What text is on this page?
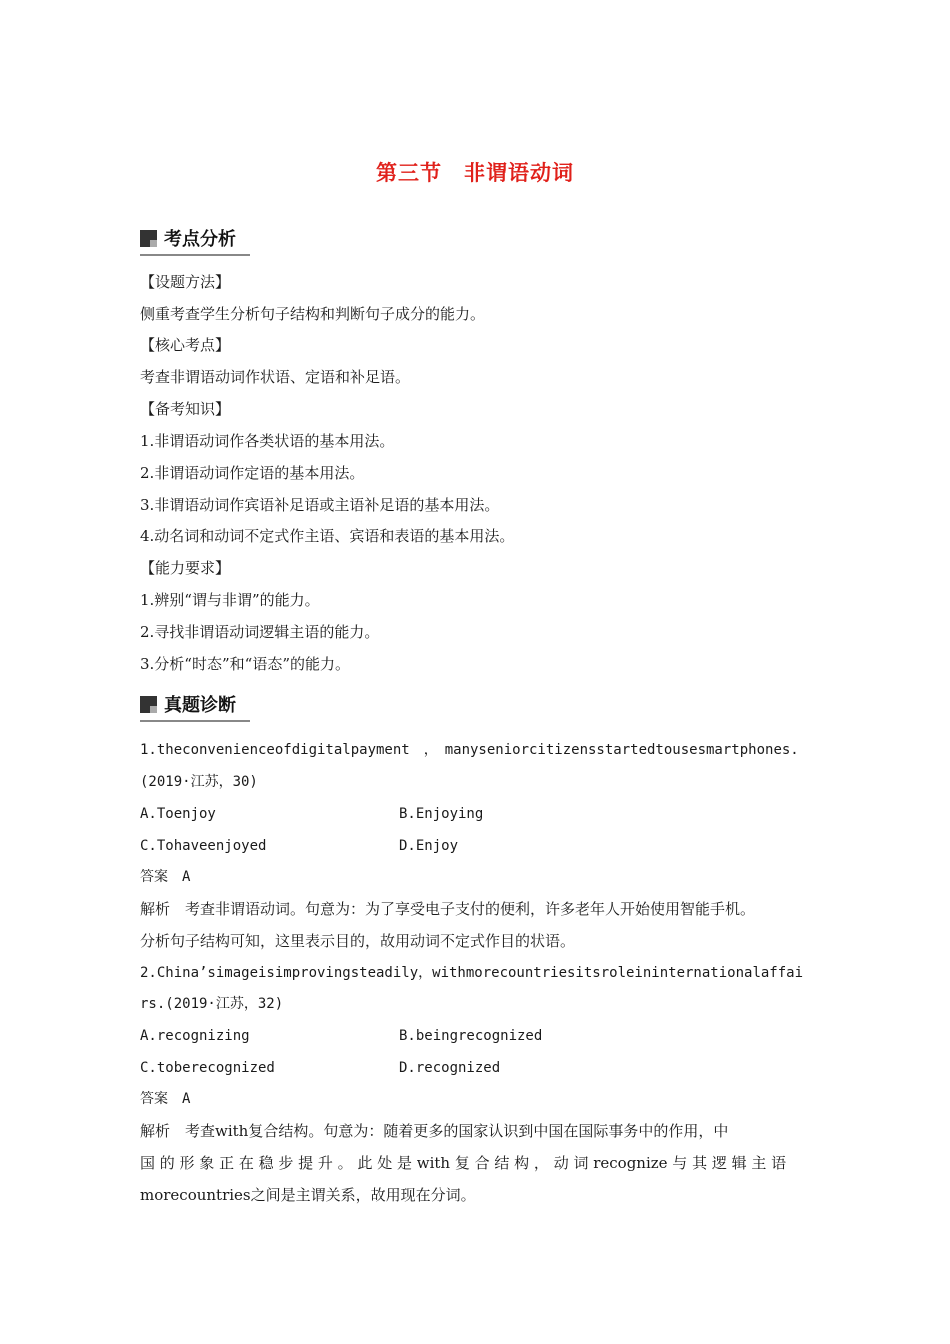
第三节　非谓语动词
考点分析
【设题方法】
侧重考查学生分析句子结构和判断句子成分的能力。
【核心考点】
考查非谓语动词作状语、定语和补足语。
【备考知识】
1.非谓语动词作各类状语的基本用法。
2.非谓语动词作定语的基本用法。
3.非谓语动词作宾语补足语或主语补足语的基本用法。
4.动名词和动词不定式作主语、宾语和表语的基本用法。
【能力要求】
1.辨别“谓与非谓”的能力。
2.寻找非谓语动词逻辑主语的能力。
3.分析“时态”和“语态”的能力。
真题诊断
1.theconvenienceofdigitalpayment　，　manyseniorcitizensstartedtousesmartphones.
(2019·江苏，30)
A.Toenjoy	B.Enjoying
C.Tohaveenjoyed	D.Enjoy
答案　A
解析　考查非谓语动词。句意为：为了享受电子支付的便利，许多老年人开始使用智能手机。
分析句子结构可知，这里表示目的，故用动词不定式作目的状语。
2.China’simageisimprovingsteadily，withmorecountriesitsroleininternationalaffai
rs.(2019·江苏，32)
A.recognizing	B.beingrecognized
C.toberecognized	D.recognized
答案　A
解析　考查with复合结构。句意为：随着更多的国家认识到中国在国际事务中的作用，中
国 的 形 象 正 在 稳 步 提 升 。 此 处 是 with 复 合 结 构 ， 动 词 recognize 与 其 逻 辑 主 语
morecountries之间是主谓关系，故用现在分词。
